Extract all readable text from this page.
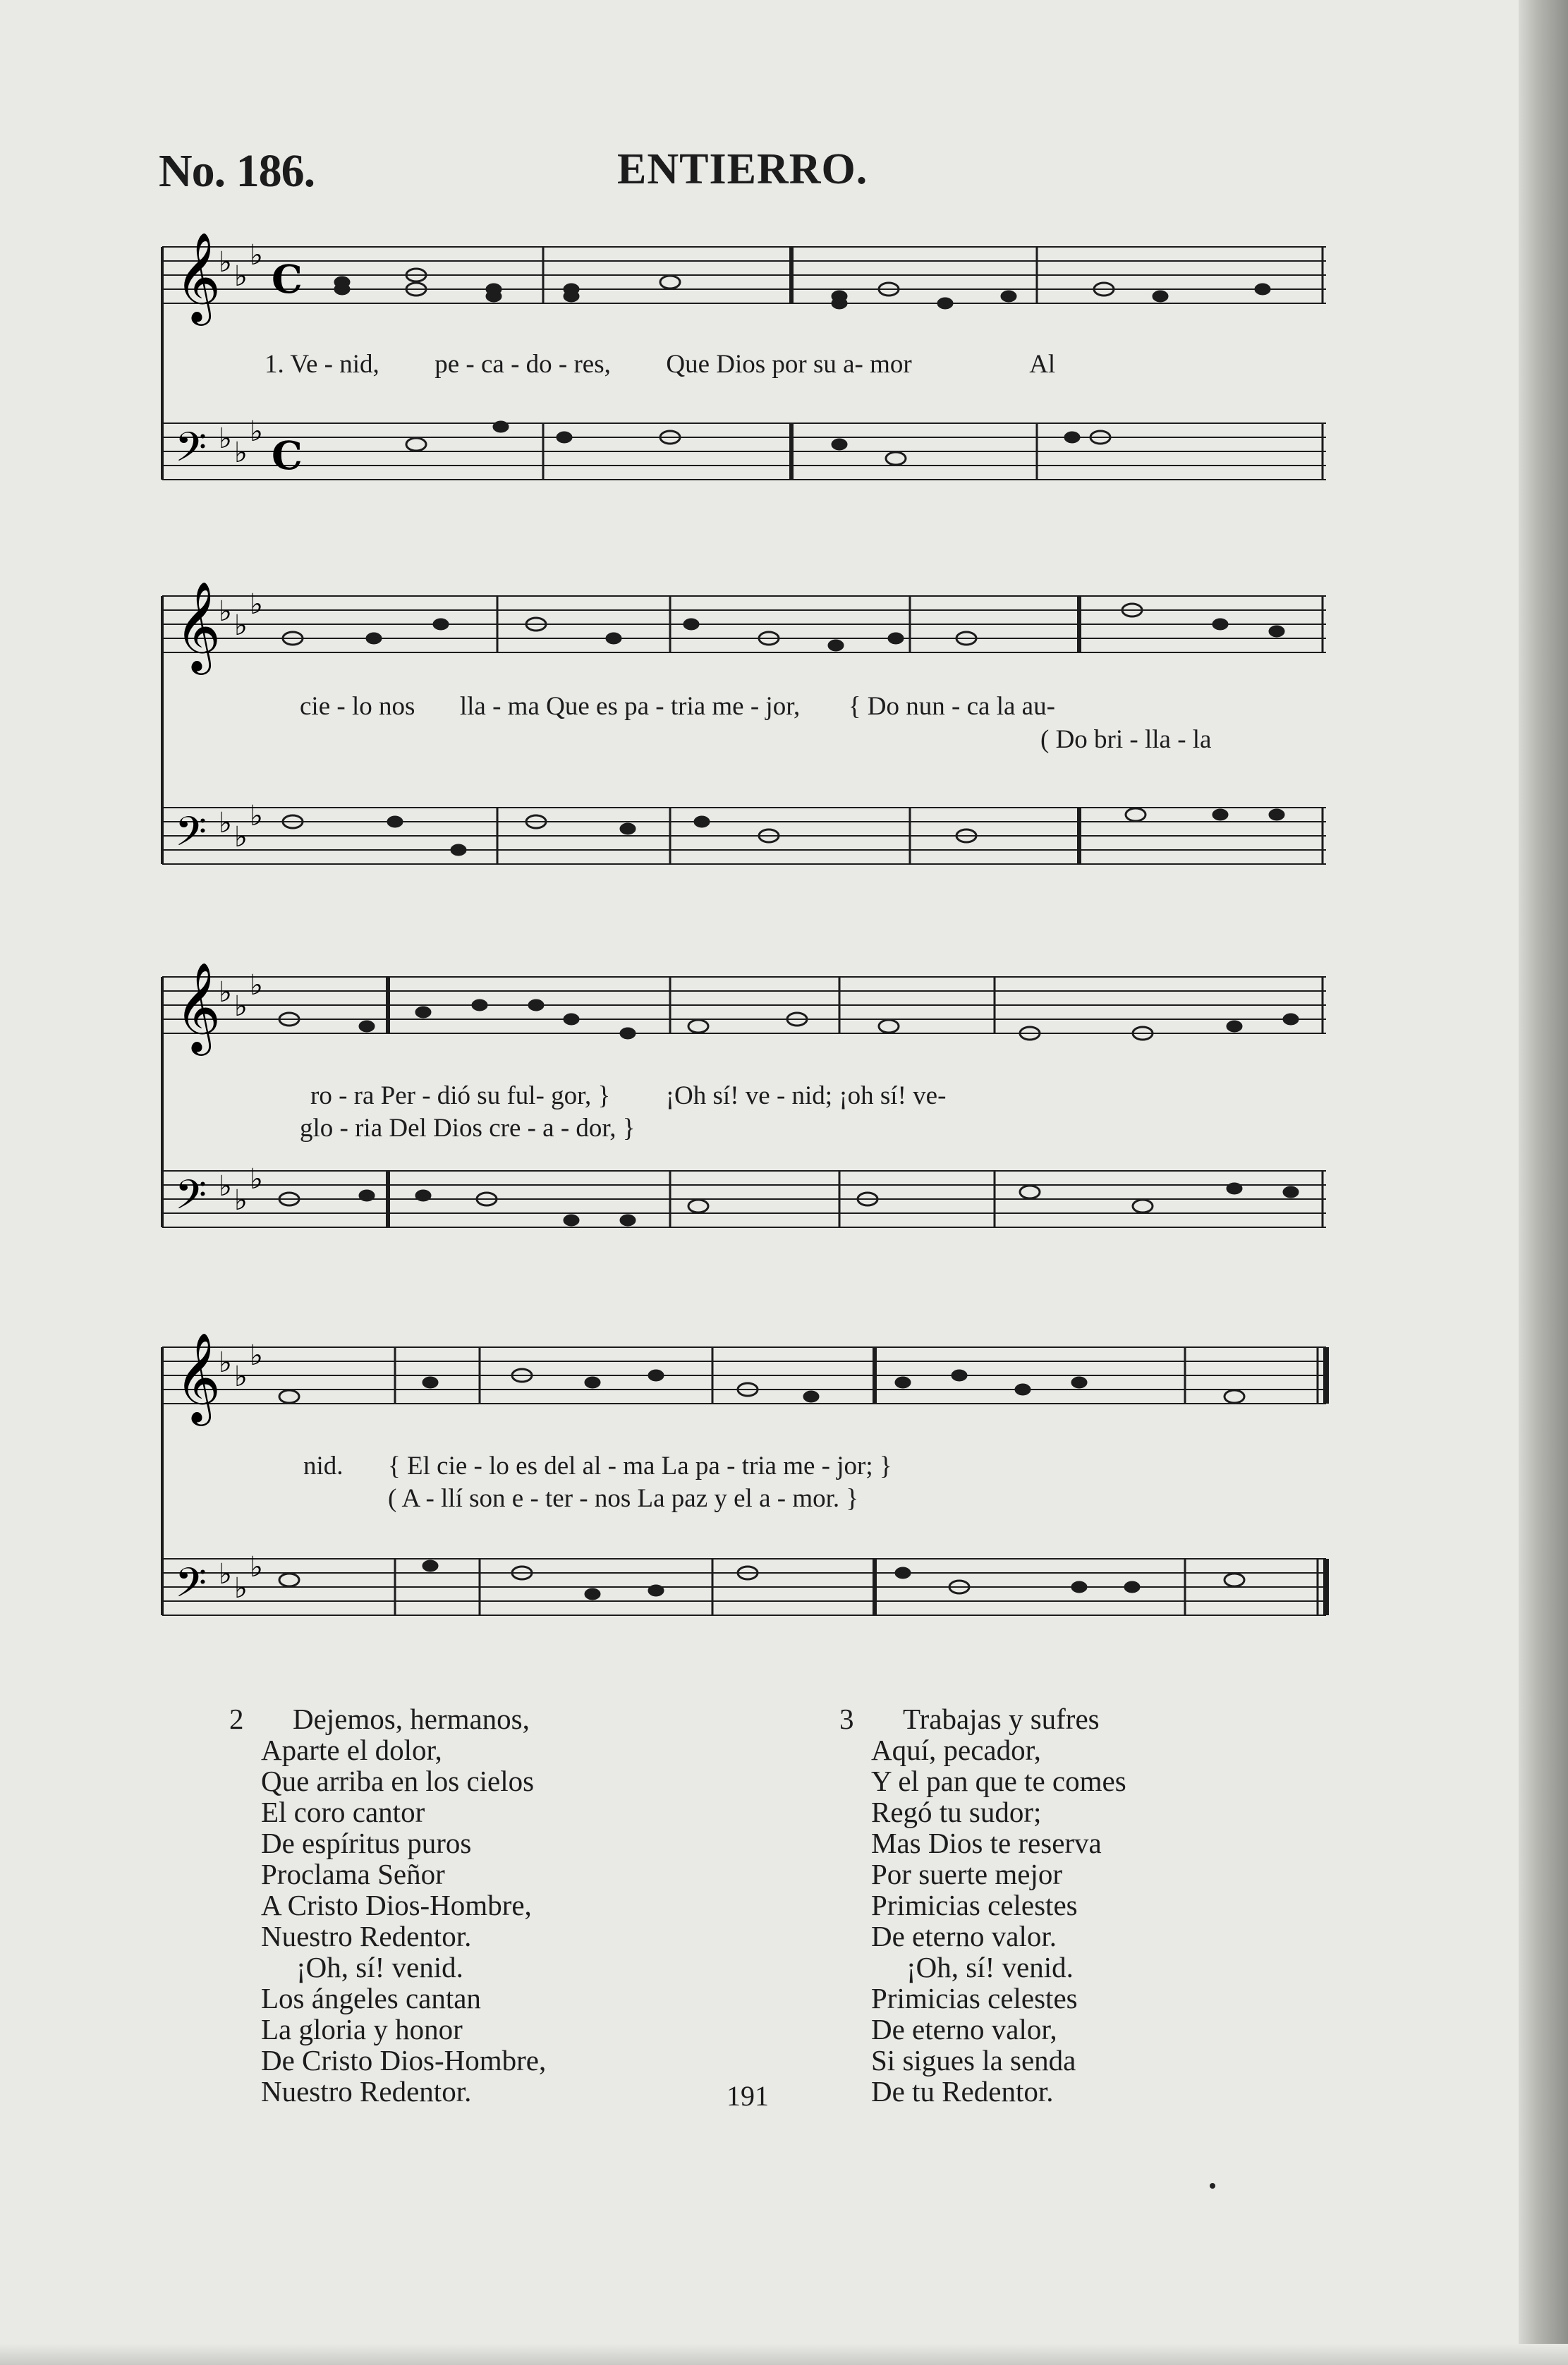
No. 186.	ENTIERRO.
𝄞
𝄢
♭ ♭
♭
♭ ♭
♭
C
C
1. Ve - nid, pe - ca - do - res, Que Dios por su a- mor	Al
𝄞
𝄢
♭ ♭
♭
♭ ♭
♭
cie - lo nos lla - ma Que es pa - tria me - jor, { Do nun - ca la au-
( Do bri - lla - la
𝄞
𝄢
♭ ♭
♭
♭ ♭
♭
ro - ra Per - dió su ful- gor, } ¡Oh sí! ve - nid; ¡oh sí! ve-
glo - ria Del Dios cre - a - dor, }
𝄞
𝄢
♭ ♭
♭
♭ ♭
♭
nid. { El cie - lo es del al - ma La pa - tria me - jor; }
( A - llí son e - ter - nos La paz y el a - mor. }
2 Dejemos, hermanos,
Aparte el dolor,
Que arriba en los cielos
El coro cantor
De espíritus puros
Proclama Señor
A Cristo Dios-Hombre,
Nuestro Redentor.
¡Oh, sí! venid.
Los ángeles cantan
La gloria y honor
De Cristo Dios-Hombre,
Nuestro Redentor.
3 Trabajas y sufres
Aquí, pecador,
Y el pan que te comes
Regó tu sudor;
Mas Dios te reserva
Por suerte mejor
Primicias celestes
De eterno valor.
¡Oh, sí! venid.
Primicias celestes
De eterno valor,
Si sigues la senda
De tu Redentor.
191
